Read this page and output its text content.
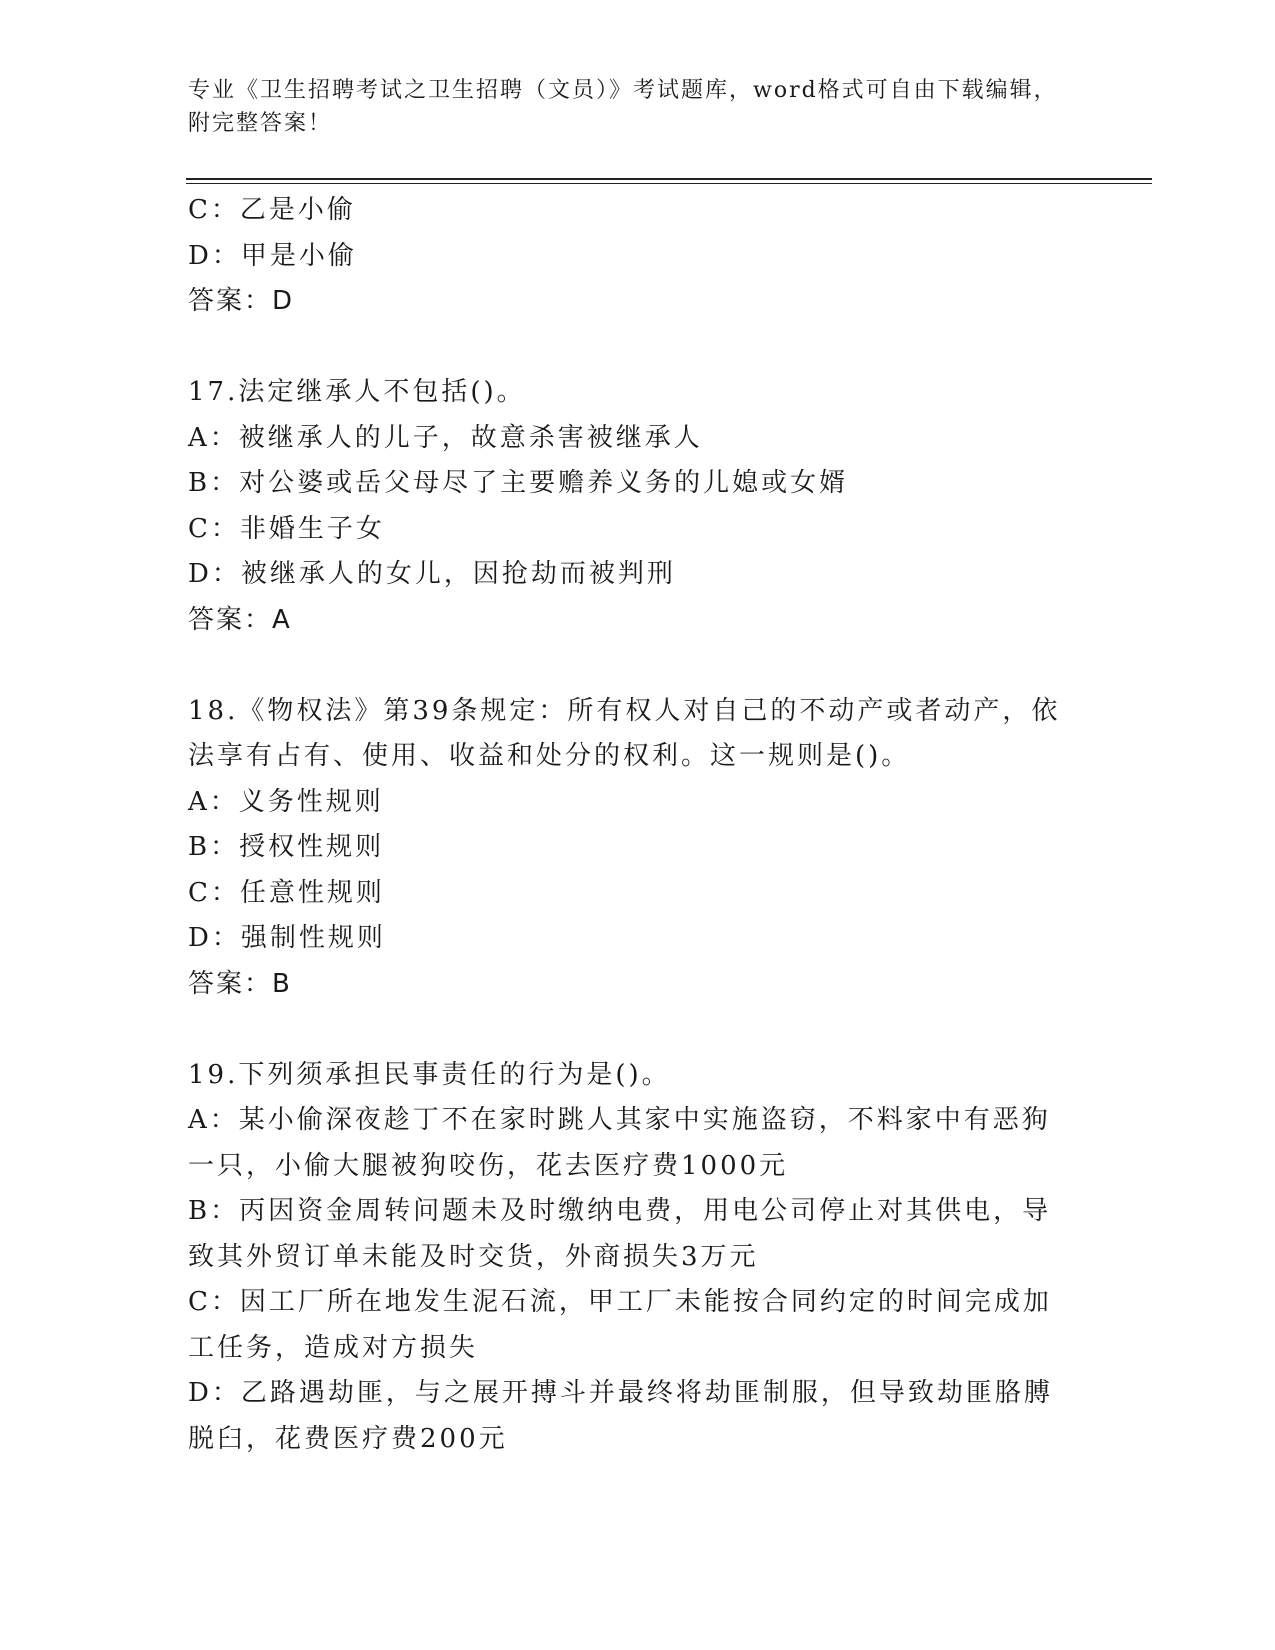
专业《卫生招聘考试之卫生招聘（文员）》考试题库，word格式可自由下载编辑，附完整答案！
C：乙是小偷
D：甲是小偷
答案：D
17.法定继承人不包括()。
A：被继承人的儿子，故意杀害被继承人
B：对公婆或岳父母尽了主要赡养义务的儿媳或女婿
C：非婚生子女
D：被继承人的女儿，因抢劫而被判刑
答案：A
18.《物权法》第39条规定：所有权人对自己的不动产或者动产，依法享有占有、使用、收益和处分的权利。这一规则是()。
A：义务性规则
B：授权性规则
C：任意性规则
D：强制性规则
答案：B
19.下列须承担民事责任的行为是()。
A：某小偷深夜趁丁不在家时跳人其家中实施盗窃，不料家中有恶狗一只，小偷大腿被狗咬伤，花去医疗费1000元
B：丙因资金周转问题未及时缴纳电费，用电公司停止对其供电，导致其外贸订单未能及时交货，外商损失3万元
C：因工厂所在地发生泥石流，甲工厂未能按合同约定的时间完成加工任务，造成对方损失
D：乙路遇劫匪，与之展开搏斗并最终将劫匪制服，但导致劫匪胳膊脱臼，花费医疗费200元
